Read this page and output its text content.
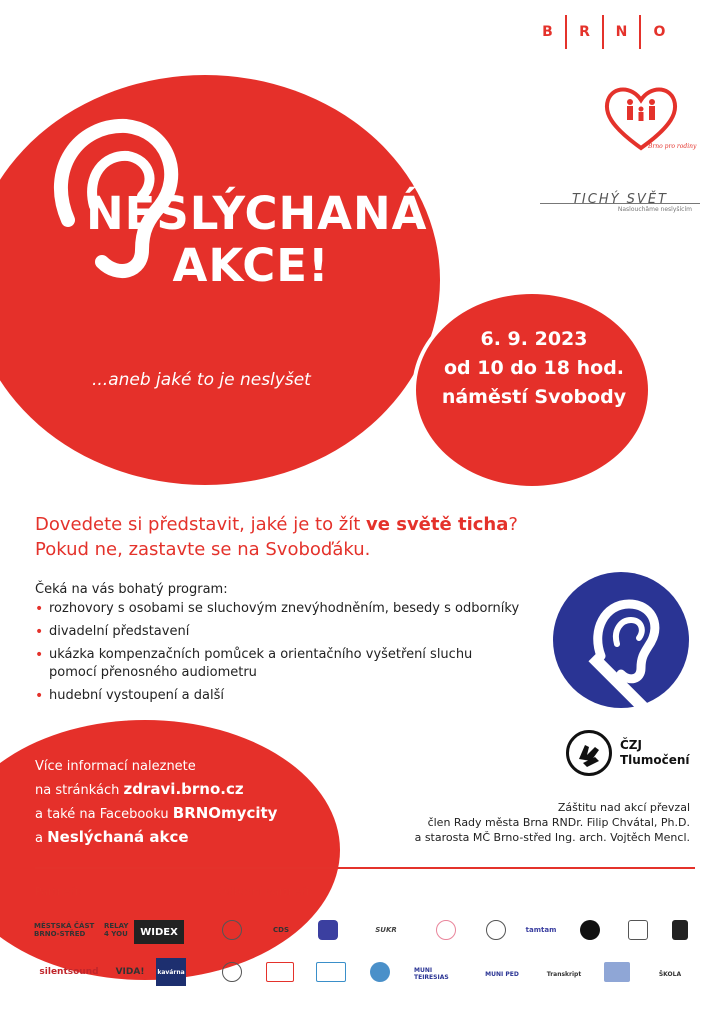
B	R	N	O
Brno pro rodiny
TICHÝ SVĚT
Naslouchâme neslyšícím
NESLÝCHANÁ
AKCE!
...aneb jaké to je neslyšet
6. 9. 2023
od 10 do 18 hod.
náměstí Svobody
Dovedete si představit, jaké je to žít ve světě ticha?
Pokud ne, zastavte se na Svoboďáku.
Čeká na vás bohatý program:
• rozhovory s osobami se sluchovým znevýhodněním, besedy s odborníky
• divadelní představení
• ukázka kompenzačních pomůcek a orientačního vyšetření sluchu pomocí přenosného audiometru
• hudební vystoupení a další
ČZJ
Tlumočení
Více informací naleznete
na stránkách zdravi.brno.cz
a také na Facebooku BRNOmycity
a Neslýchaná akce
Záštitu nad akcí převzal
člen Rady města Brna RNDr. Filip Chvátal, Ph.D.
a starosta MČ Brno-střed Ing. arch. Vojtěch Mencl.
Partneři:	Odborní partneři:
MĚSTSKÁ ČÁST BRNO-STŘED
RELAY 4 YOU	WIDEX
silentsound	VIDA!	kavárna
CDS	SUKR	tamtam
MUNI TEIRESIAS	MUNI PED	Transkript	ŠKOLA
